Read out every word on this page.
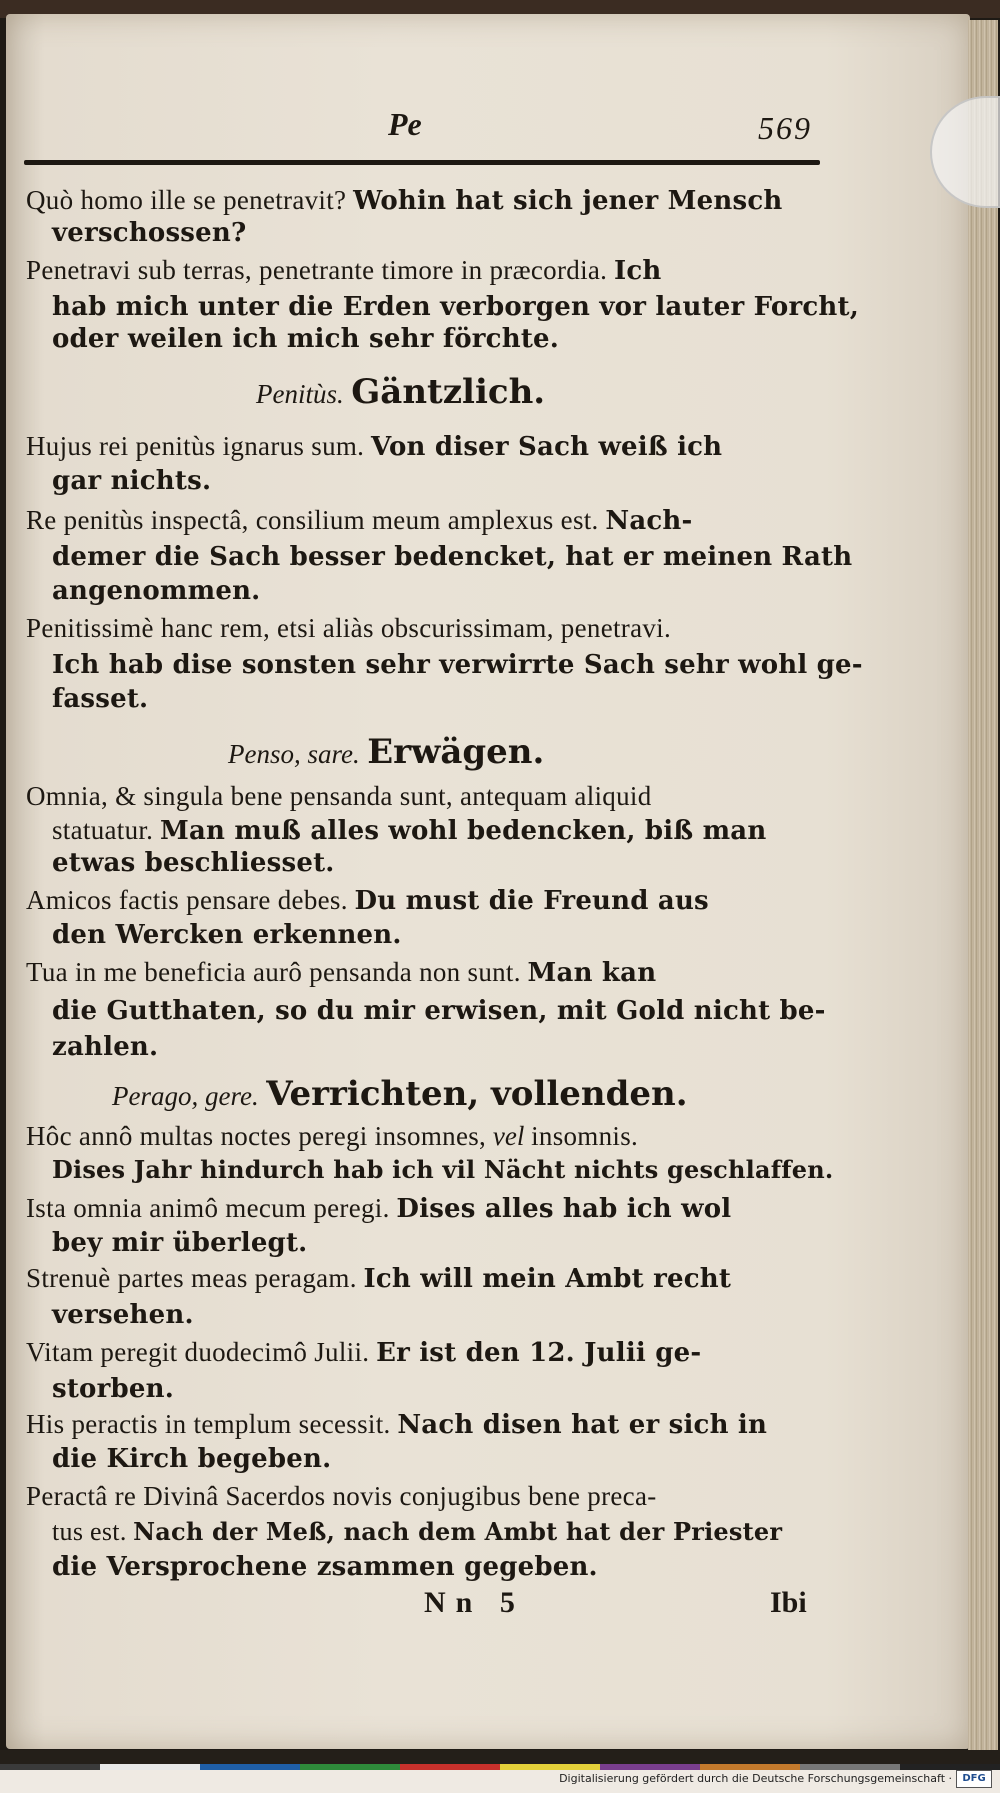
Pe	569
Quò homo ille se penetravit? Wohin hat sich jener Mensch
verschossen?
Penetravi sub terras, penetrante timore in præcordia. Ich
hab mich unter die Erden verborgen vor lauter Forcht,
oder weilen ich mich sehr förchte.
Penitùs. Gäntzlich.
Hujus rei penitùs ignarus sum. Von diser Sach weiß ich
gar nichts.
Re penitùs inspectâ, consilium meum amplexus est. Nach-
demer die Sach besser bedencket, hat er meinen Rath
angenommen.
Penitissimè hanc rem, etsi aliàs obscurissimam, penetravi.
Ich hab dise sonsten sehr verwirrte Sach sehr wohl ge-
fasset.
Penso, sare. Erwägen.
Omnia, & singula bene pensanda sunt, antequam aliquid
statuatur. Man muß alles wohl bedencken, biß man
etwas beschliesset.
Amicos factis pensare debes. Du must die Freund aus
den Wercken erkennen.
Tua in me beneficia aurô pensanda non sunt. Man kan
die Gutthaten, so du mir erwisen, mit Gold nicht be-
zahlen.
Perago, gere. Verrichten, vollenden.
Hôc annô multas noctes peregi insomnes, vel insomnis.
Dises Jahr hindurch hab ich vil Nächt nichts geschlaffen.
Ista omnia animô mecum peregi. Dises alles hab ich wol
bey mir überlegt.
Strenuè partes meas peragam. Ich will mein Ambt recht
versehen.
Vitam peregit duodecimô Julii. Er ist den 12. Julii ge-
storben.
His peractis in templum secessit. Nach disen hat er sich in
die Kirch begeben.
Peractâ re Divinâ Sacerdos novis conjugibus bene preca-
tus est. Nach der Meß, nach dem Ambt hat der Priester
die Versprochene zsammen gegeben.
Nn 5	Ibi
Digitalisierung gefördert durch die Deutsche Forschungsgemeinschaft ·	DFG
